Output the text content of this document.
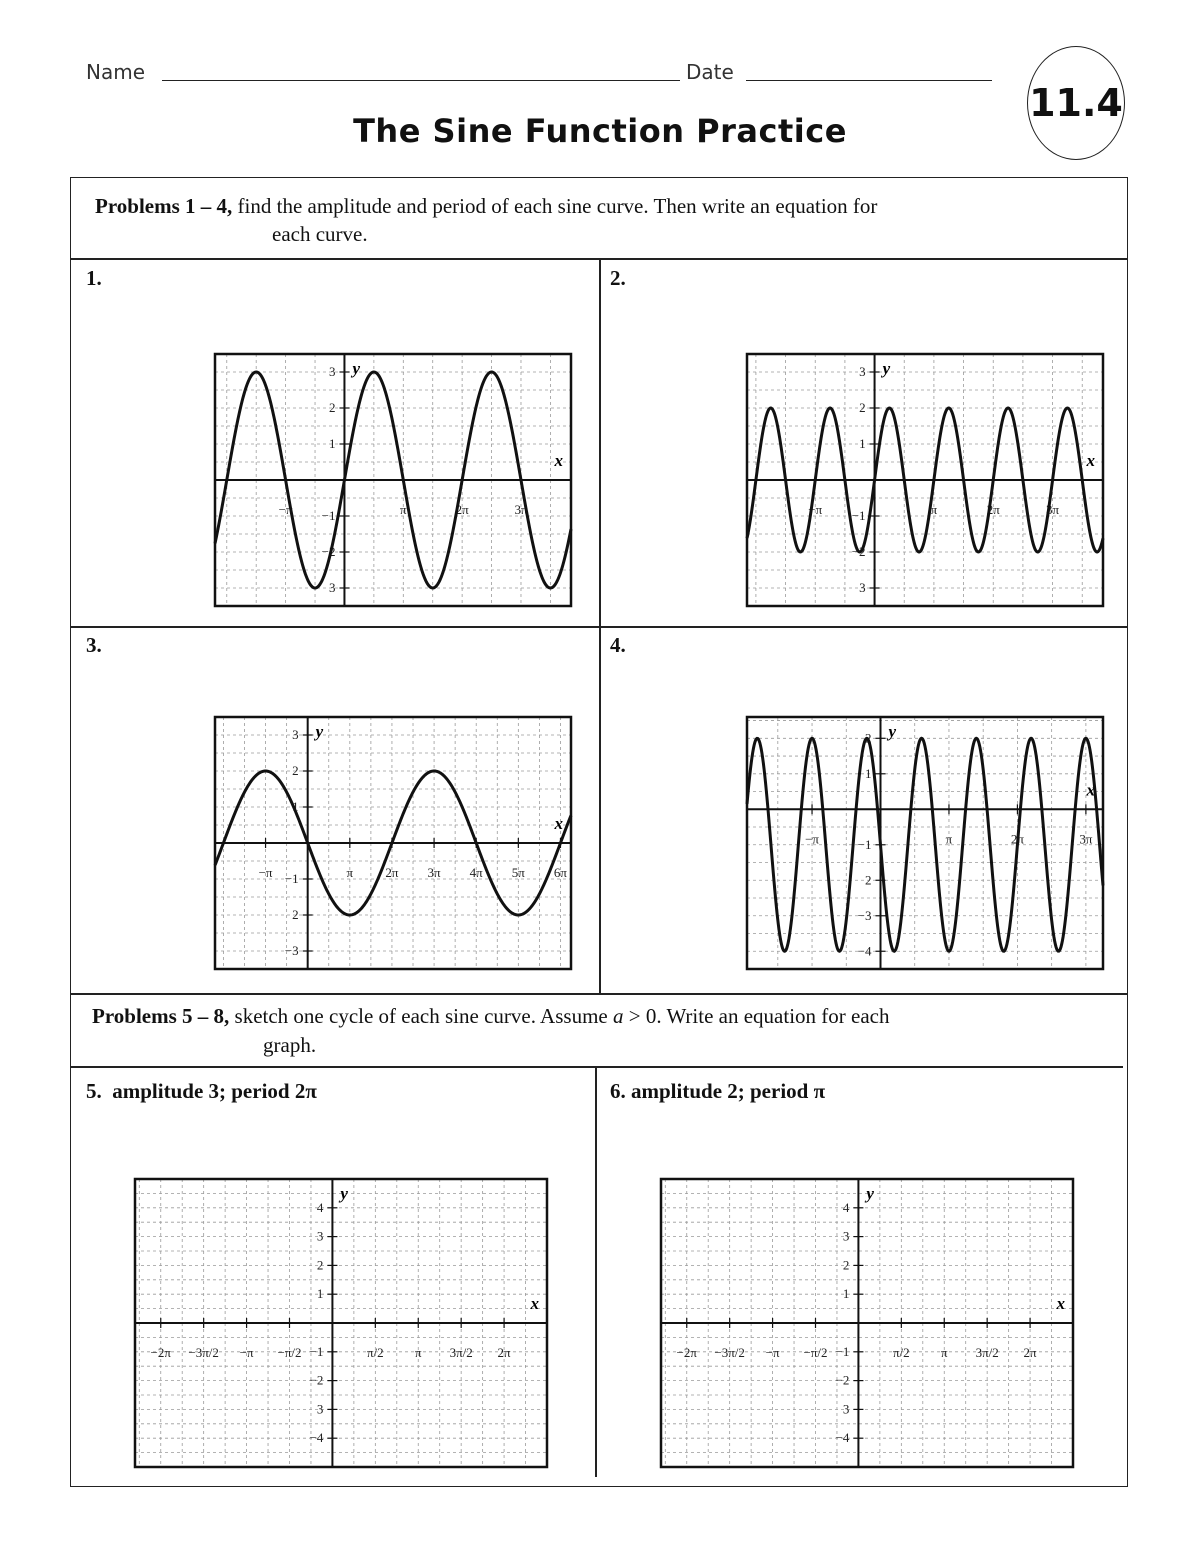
Name	Date
11.4
The Sine Function Practice
Problems 1 – 4, find the amplitude and period of each sine curve. Then write an equation for
each curve.
1.	2.
3.	4.
−π	π	2π	3π
3
2
1
−1
−2
3
x
y
−π	π	2π	3π
3
2
1
−1
−2
3
x
y
−π	π 2π 3π 4π 5π 6π
3
2
1
−1
2
−3
x
y
−π	π	2π	3π
2
1
−1
2
−3
−4
x
y
Problems 5 – 8, sketch one cycle of each sine curve. Assume a > 0. Write an equation for each
graph.
5. amplitude 3; period 2π	6. amplitude 2; period π
−2π −3π/2 −π −π/2	π/2 π 3π/2 2π
4
3
2
1
−1
−2
3
−4
x
y
−2π −3π/2 −π −π/2	π/2 π 3π/2 2π
4
3
2
1
−1
−2
3
−4
x
y
